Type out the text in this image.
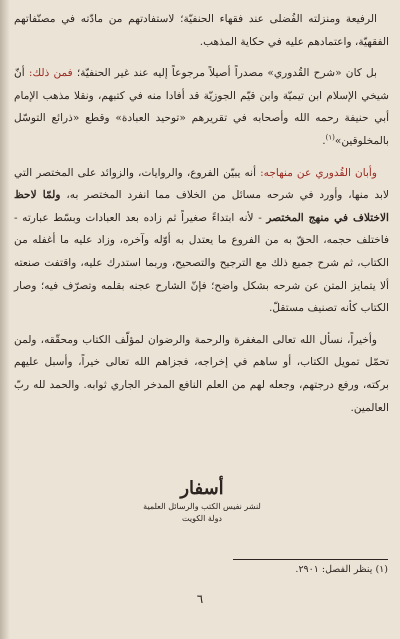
الرفيعة ومنزلته الفُضلى عند فقهاء الحنفيّة؛ لاستفادتهم من مادّته في مصنّفاتهم الفقهيّة، واعتمادهم عليه في حكاية المذهب.

بل كان «شرح القُدوري» مصدراً أصيلاً مرجوعاً إليه عند غير الحنفيّة؛ فمن ذلك: أنّ شيخي الإسلام ابن تيميّة وابن قيّم الجوزيّة قد أفادا منه في كتبهم، ونقلا مذهب الإمام أبي حنيفة رحمه الله وأصحابه في تقريرهم «توحيد العبادة» وقطع «ذرائع التوسّل بالمخلوقين»$^{(١)}$.

وأبان القُدوري عن منهاجه: أنه يبيّن الفروع، والروايات، والزوائد على المختصر التي لابد منها، وأورد في شرحه مسائل من الخلاف مما انفرد المختصر به، ولمّا لاحظ الاختلاف في منهج المختصر - لأنه ابتداءً صغيراً ثم زاده بعد العبادات وبسّط عبارته - فاختلف حجمه، الحقّ به من الفروع ما يعتدل به أوّله وآخره، وزاد عليه ما أغفله من الكتاب، ثم شرح جميع ذلك مع الترجيح والتصحيح، وربما استدرك عليه، واقتفت صنعته ألا يتمايز المتن عن شرحه بشكل واضح؛ فإنّ الشارح عجنه بقلمه وتصرّف فيه؛ وصار الكتاب كأنه تصنيف مستقلّ.

وأخيراً، نسأل الله تعالى المغفرة والرحمة والرضوان لمؤلّف الكتاب ومحقّقه، ولمن تحمّل تمويل الكتاب، أو ساهم في إخراجه، فجزاهم الله تعالى خيراً، وأسبل عليهم بركته، ورفع درجتهم، وجعله لهم من العلم النافع المدخر الجاري ثوابه. والحمد لله ربّ العالمين.

أسفار
لنشر نفيس الكتب والرسائل العلمية
دولة الكويت
(١) ينظر الفصل: ٢٩٠١.
٦
